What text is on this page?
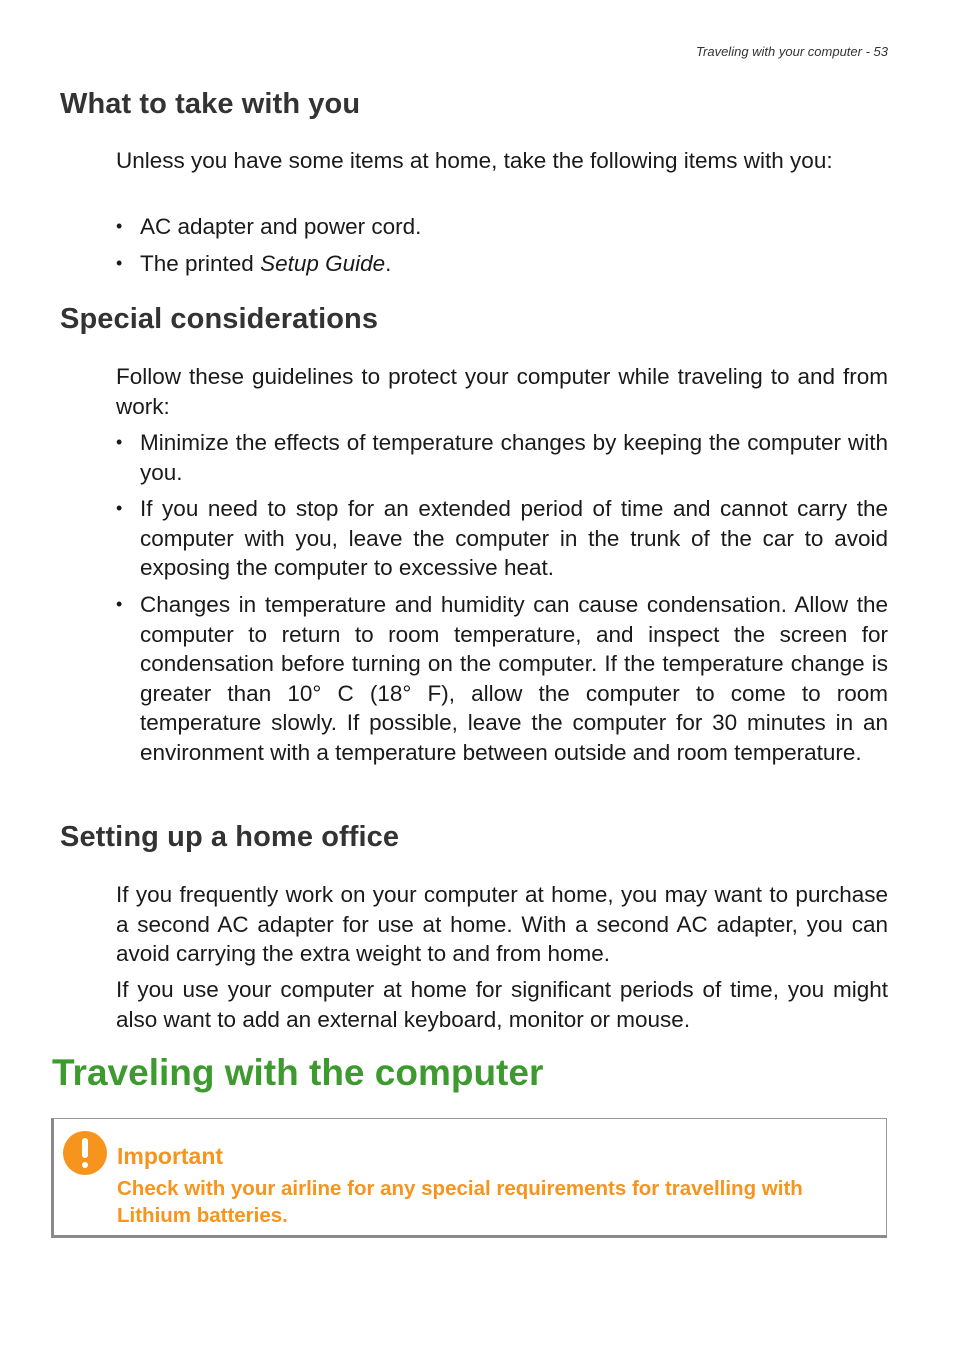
Traveling with your computer - 53
What to take with you

Unless you have some items at home, take the following items with you:

• AC adapter and power cord.
• The printed Setup Guide.
Special considerations

Follow these guidelines to protect your computer while traveling to and from work:

• Minimize the effects of temperature changes by keeping the computer with you.
• If you need to stop for an extended period of time and cannot carry the computer with you, leave the computer in the trunk of the car to avoid exposing the computer to excessive heat.
• Changes in temperature and humidity can cause condensation. Allow the computer to return to room temperature, and inspect the screen for condensation before turning on the computer. If the temperature change is greater than 10° C (18° F), allow the computer to come to room temperature slowly. If possible, leave the computer for 30 minutes in an environment with a temperature between outside and room temperature.
Setting up a home office

If you frequently work on your computer at home, you may want to purchase a second AC adapter for use at home. With a second AC adapter, you can avoid carrying the extra weight to and from home.

If you use your computer at home for significant periods of time, you might also want to add an external keyboard, monitor or mouse.

Traveling with the computer
Important
Check with your airline for any special requirements for travelling with Lithium batteries.
